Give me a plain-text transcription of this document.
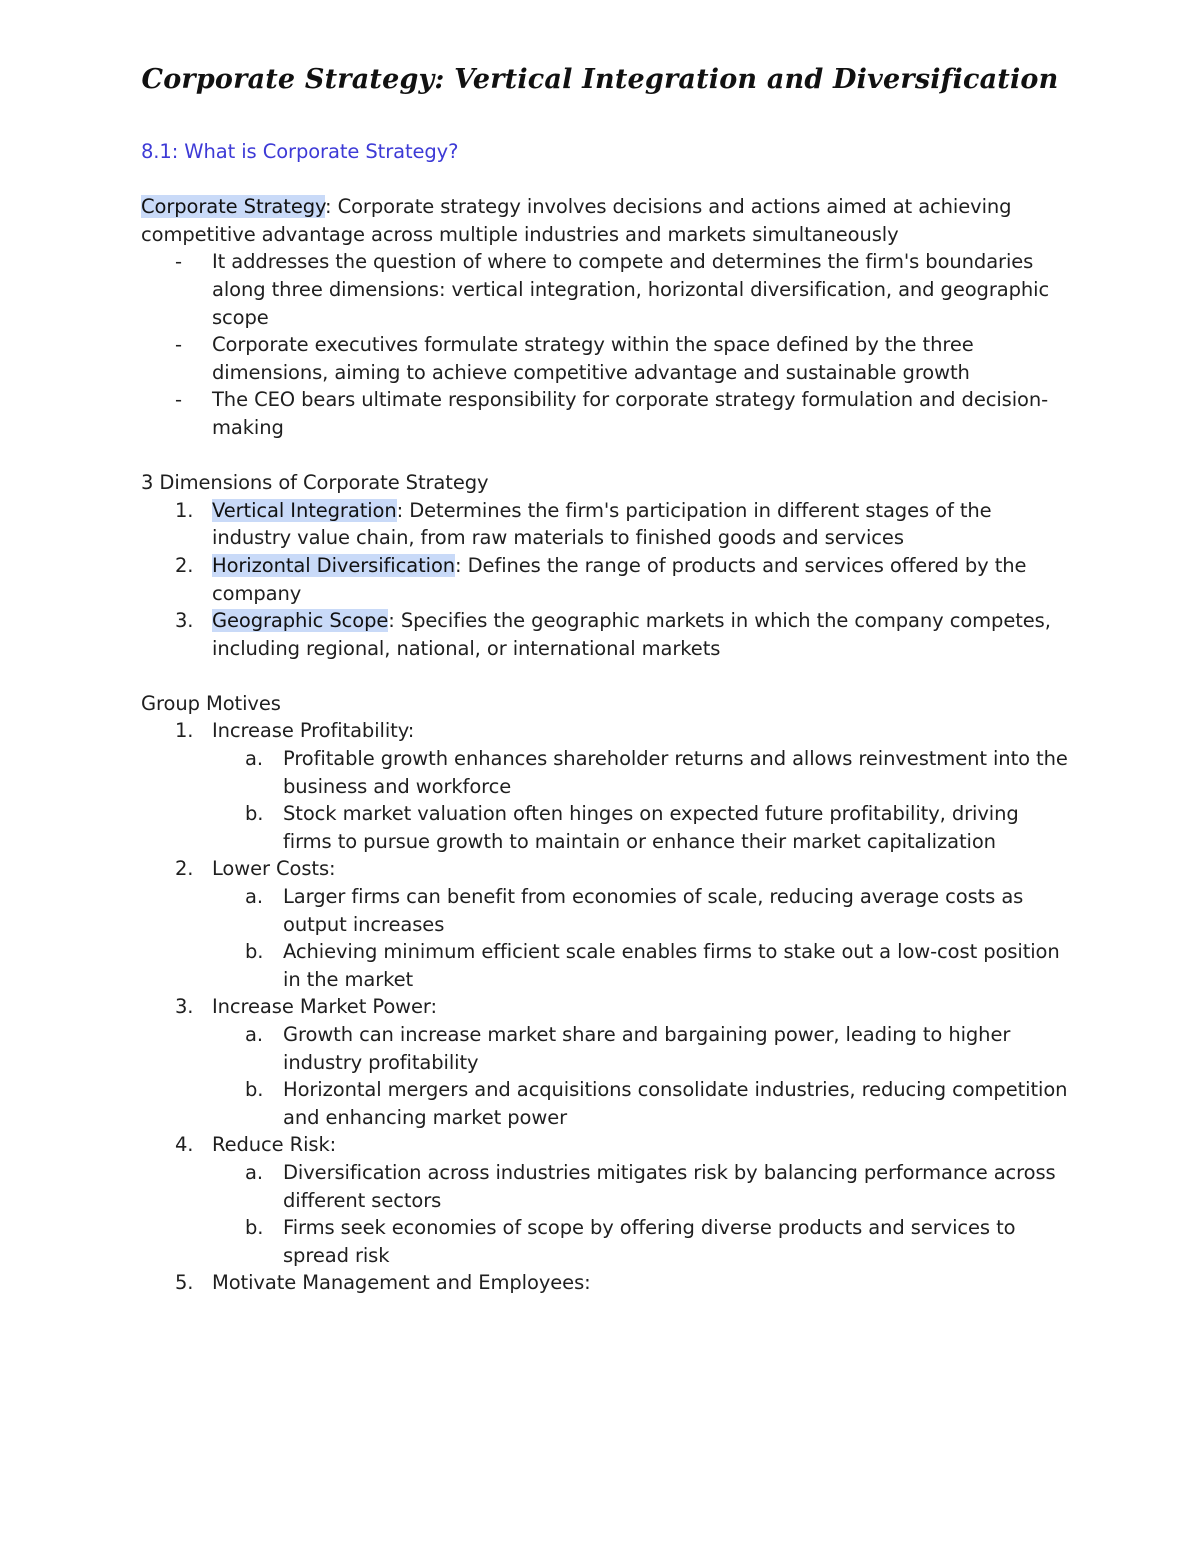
Corporate Strategy: Vertical Integration and Diversification

8.1: What is Corporate Strategy?

Corporate Strategy: Corporate strategy involves decisions and actions aimed at achieving competitive advantage across multiple industries and markets simultaneously

-	It addresses the question of where to compete and determines the firm's boundaries along three dimensions: vertical integration, horizontal diversification, and geographic scope
-	Corporate executives formulate strategy within the space defined by the three dimensions, aiming to achieve competitive advantage and sustainable growth
-	The CEO bears ultimate responsibility for corporate strategy formulation and decision-making

3 Dimensions of Corporate Strategy

1. Vertical Integration: Determines the firm's participation in different stages of the industry value chain, from raw materials to finished goods and services
2. Horizontal Diversification: Defines the range of products and services offered by the company
3. Geographic Scope: Specifies the geographic markets in which the company competes, including regional, national, or international markets

Group Motives

1. Increase Profitability:
a. Profitable growth enhances shareholder returns and allows reinvestment into the business and workforce
b. Stock market valuation often hinges on expected future profitability, driving firms to pursue growth to maintain or enhance their market capitalization
2. Lower Costs:
a. Larger firms can benefit from economies of scale, reducing average costs as output increases
b. Achieving minimum efficient scale enables firms to stake out a low-cost position in the market
3. Increase Market Power:
a. Growth can increase market share and bargaining power, leading to higher industry profitability
b. Horizontal mergers and acquisitions consolidate industries, reducing competition and enhancing market power
4. Reduce Risk:
a. Diversification across industries mitigates risk by balancing performance across different sectors
b. Firms seek economies of scope by offering diverse products and services to spread risk
5. Motivate Management and Employees:
